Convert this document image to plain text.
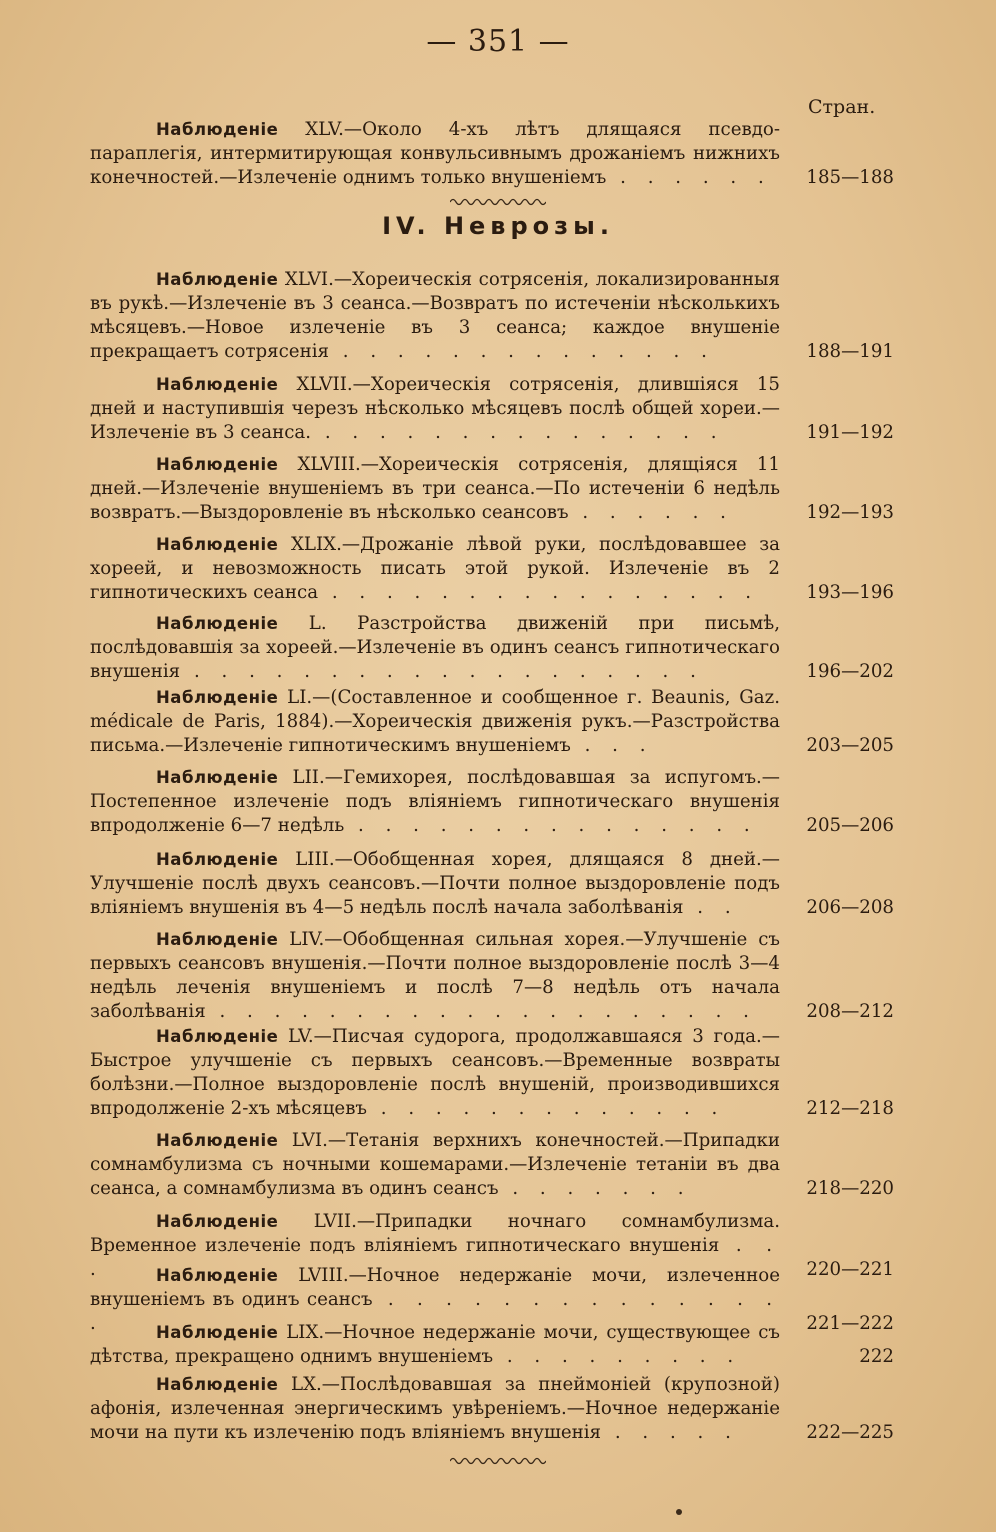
— 351 —
Стран.
Наблюденіе XLV.—Около 4-хъ лѣтъ длящаяся псевдо-параплегія, интермитирующая конвульсивнымъ дрожаніемъ нижнихъ конечностей.—Излеченіе однимъ только внушеніемъ . . . . . .	185—188
IV. Неврозы.
Наблюденіе XLVI.—Хореическія сотрясенія, локализированныя въ рукѣ.—Излеченіе въ 3 сеанса.—Возвратъ по истеченіи нѣсколькихъ мѣсяцевъ.—Новое излеченіе въ 3 сеанса; каждое внушеніе прекращаетъ сотрясенія . . . . . . . . . . . . . .	188—191
Наблюденіе XLVII.—Хореическія сотрясенія, длившіяся 15 дней и наступившія черезъ нѣсколько мѣсяцевъ послѣ общей хореи.—Излеченіе въ 3 сеанса. . . . . . . . . . . . . . . .	191—192
Наблюденіе XLVIII.—Хореическія сотрясенія, длящіяся 11 дней.—Излеченіе внушеніемъ въ три сеанса.—По истеченіи 6 недѣль возвратъ.—Выздоровленіе въ нѣсколько сеансовъ . . . . . .	192—193
Наблюденіе XLIX.—Дрожаніе лѣвой руки, послѣдовавшее за хореей, и невозможность писать этой рукой. Излеченіе въ 2 гипнотическихъ сеанса . . . . . . . . . . . . . . . .	193—196
Наблюденіе L. Разстройства движеній при письмѣ, послѣдовавшія за хореей.—Излеченіе въ одинъ сеансъ гипнотическаго внушенія . . . . . . . . . . . . . . . . . . .	196—202
Наблюденіе LI.—(Составленное и сообщенное г. Beaunis, Gaz. médicale de Paris, 1884).—Хореическія движенія рукъ.—Разстройства письма.—Излеченіе гипнотическимъ внушеніемъ . . .	203—205
Наблюденіе LII.—Гемихорея, послѣдовавшая за испугомъ.—Постепенное излеченіе подъ вліяніемъ гипнотическаго внушенія впродолженіе 6—7 недѣль . . . . . . . . . . . . . . .	205—206
Наблюденіе LIII.—Обобщенная хорея, длящаяся 8 дней.—Улучшеніе послѣ двухъ сеансовъ.—Почти полное выздоровленіе подъ вліяніемъ внушенія въ 4—5 недѣль послѣ начала заболѣванія . .	206—208
Наблюденіе LIV.—Обобщенная сильная хорея.—Улучшеніе съ первыхъ сеансовъ внушенія.—Почти полное выздоровленіе послѣ 3—4 недѣль леченія внушеніемъ и послѣ 7—8 недѣль отъ начала заболѣванія . . . . . . . . . . . . . . . . . . . .	208—212
Наблюденіе LV.—Писчая судорога, продолжавшаяся 3 года.—Быстрое улучшеніе съ первыхъ сеансовъ.—Временные возвраты болѣзни.—Полное выздоровленіе послѣ внушеній, производившихся впродолженіе 2-хъ мѣсяцевъ . . . . . . . . . . . . .	212—218
Наблюденіе LVI.—Тетанія верхнихъ конечностей.—Припадки сомнамбулизма съ ночными кошемарами.—Излеченіе тетаніи въ два сеанса, а сомнамбулизма въ одинъ сеансъ . . . . . . .	218—220
Наблюденіе LVII.—Припадки ночнаго сомнамбулизма. Временное излеченіе подъ вліяніемъ гипнотическаго внушенія . . .	220—221
Наблюденіе LVIII.—Ночное недержаніе мочи, излеченное внушеніемъ въ одинъ сеансъ . . . . . . . . . . . . . . .	221—222
Наблюденіе LIX.—Ночное недержаніе мочи, существующее съ дѣтства, прекращено однимъ внушеніемъ . . . . . . . . .	222
Наблюденіе LX.—Послѣдовавшая за пнеймоніей (крупозной) афонія, излеченная энергическимъ увѣреніемъ.—Ночное недержаніе мочи на пути къ излеченію подъ вліяніемъ внушенія . . . . .	222—225
